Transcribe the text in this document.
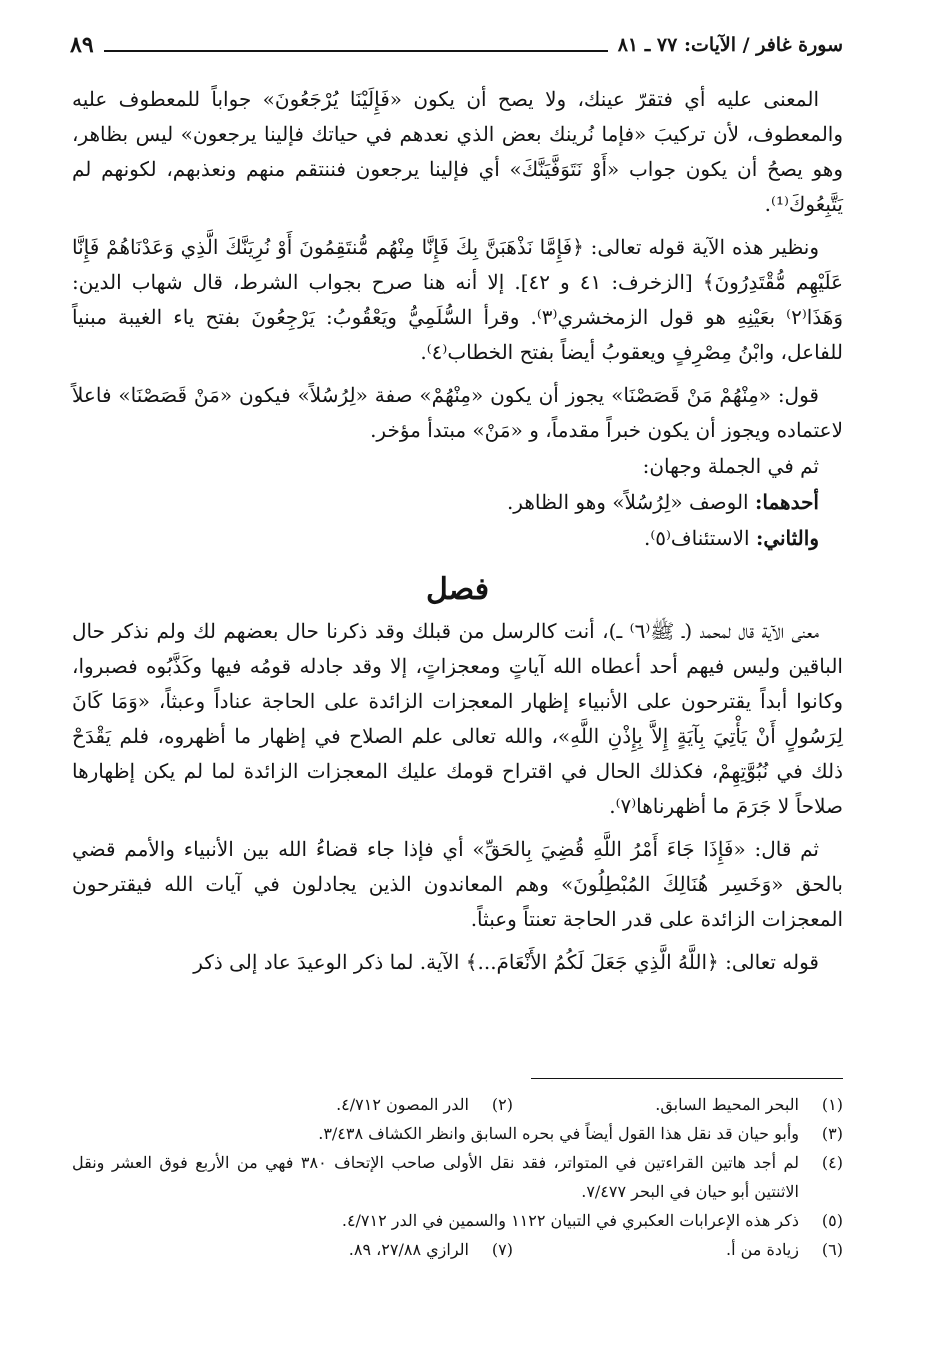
سورة غافر / الآيات: ٧٧ ـ ٨١
٨٩

المعنى عليه أي فتقرّ عينك، ولا يصح أن يكون «فَإِلَيْنَا يُرْجَعُونَ» جواباً للمعطوف عليه والمعطوف، لأن تركيبَ «فإما نُرينك بعض الذي نعدهم في حياتك فإلينا يرجعون» ليس بظاهر، وهو يصحُ أن يكون جواب «أَوْ نَتَوَفَّيَنَّكَ» أي فإلينا يرجعون فننتقم منهم ونعذبهم، لكونهم لم يَتَّبِعُوكَ⁽¹⁾.

ونظير هذه الآية قوله تعالى: ﴿فَإِمَّا نَذْهَبَنَّ بِكَ فَإِنَّا مِنْهُم مُّنتَقِمُونَ أَوْ نُرِيَنَّكَ الَّذِي وَعَدْنَاهُمْ فَإِنَّا عَلَيْهِم مُّقْتَدِرُونَ﴾ [الزخرف: ٤١ و ٤٢]. إلا أنه هنا صرح بجواب الشرط، قال شهاب الدين: وَهَذَا⁽٢⁾ بعَيْنِهِ هو قول الزمخشري⁽٣⁾. وقرأ السُّلَمِيُّ ويَعْقُوبُ: يَرْجِعُونَ بفتح ياء الغيبة مبنياً للفاعل، وابْنُ مِصْرِفٍ ويعقوبُ أيضاً بفتح الخطاب⁽٤⁾.

قول: «مِنْهُمْ مَنْ قَصَصْنَا» يجوز أن يكون «مِنْهُمْ» صفة «لِرُسُلاً» فيكون «مَنْ قَصَصْنَا» فاعلاً لاعتماده ويجوز أن يكون خبراً مقدماً، و «مَنْ» مبتدأ مؤخر.

ثم في الجملة وجهان:

أحدهما: الوصف «لِرُسُلاً» وهو الظاهر.

والثاني: الاستئناف⁽٥⁾.

فصل

معنى الآية قال لمحمد (ـ ﷺ⁽٦⁾ ـ)، أنت كالرسل من قبلك وقد ذكرنا حال بعضهم لك ولم نذكر حال الباقين وليس فيهم أحد أعطاه الله آياتٍ ومعجزاتٍ، إلا وقد جادله قومُه فيها وكَذَّبُوه فصبروا، وكانوا أبداً يقترحون على الأنبياء إظهار المعجزات الزائدة على الحاجة عناداً وعبثاً، «وَمَا كَانَ لِرَسُولٍ أَنْ يَأْتِيَ بِآيَةٍ إِلاَّ بِإِذْنِ اللَّهِ»، والله تعالى علم الصلاح في إظهار ما أظهروه، فلم يَقْدَحْ ذلك في نُبُوَّتِهِمْ، فكذلك الحال في اقتراح قومك عليك المعجزات الزائدة لما لم يكن إظهارها صلاحاً لا جَرَمَ ما أظهرناها⁽٧⁾.

ثم قال: «فَإِذَا جَاءَ أَمْرُ اللَّهِ قُضِيَ بِالحَقِّ» أي فإذا جاء قضاءُ الله بين الأنبياء والأمم قضي بالحق «وَخَسِر هُنَالِكَ المُبْطِلُونَ» وهم المعاندون الذين يجادلون في آيات الله فيقترحون المعجزات الزائدة على قدر الحاجة تعنتاً وعبثاً.

قوله تعالى: ﴿اللَّهُ الَّذِي جَعَلَ لَكُمُ الأَنْعَامَ...﴾ الآية. لما ذكر الوعيدَ عاد إلى ذكر

(١)
البحر المحيط السابق.
(٢)
الدر المصون ٤/٧١٢.
(٣)
وأبو حيان قد نقل هذا القول أيضاً في بحره السابق وانظر الكشاف ٣/٤٣٨.
(٤)
لم أجد هاتين القراءتين في المتواتر، فقد نقل الأولى صاحب الإتحاف ٣٨٠ فهي من الأربع فوق العشر ونقل الاثنتين أبو حيان في البحر ٧/٤٧٧.
(٥)
ذكر هذه الإعرابات العكبري في التبيان ١١٢٢ والسمين في الدر ٤/٧١٢.
(٦)
زيادة من أ.
(٧)
الرازي ٢٧/٨٨، ٨٩.
